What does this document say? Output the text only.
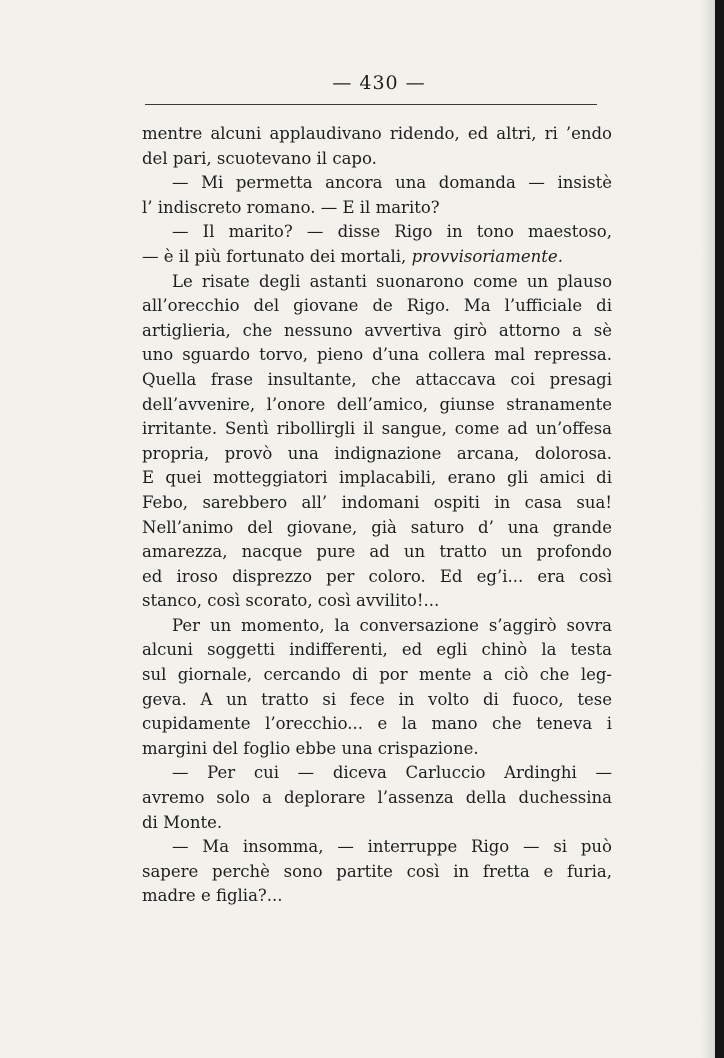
— 430 —
mentre alcuni applaudivano ridendo, ed altri, ri ’endo
del pari, scuotevano il capo.
— Mi permetta ancora una domanda — insistè
l’ indiscreto romano. — E il marito?
— Il marito? — disse Rigo in tono maestoso,
— è il più fortunato dei mortali, provvisoriamente.
Le risate degli astanti suonarono come un plauso
all’orecchio del giovane de Rigo. Ma l’ufficiale di
artiglieria, che nessuno avvertiva girò attorno a sè
uno sguardo torvo, pieno d’una collera mal repressa.
Quella frase insultante, che attaccava coi presagi
dell’avvenire, l’onore dell’amico, giunse stranamente
irritante. Sentì ribollirgli il sangue, come ad un’offesa
propria, provò una indignazione arcana, dolorosa.
E quei motteggiatori implacabili, erano gli amici di
Febo, sarebbero all’ indomani ospiti in casa sua!
Nell’animo del giovane, già saturo d’ una grande
amarezza, nacque pure ad un tratto un profondo
ed iroso disprezzo per coloro. Ed eg’i... era così
stanco, così scorato, così avvilito!...
Per un momento, la conversazione s’aggirò sovra
alcuni soggetti indifferenti, ed egli chinò la testa
sul giornale, cercando di por mente a ciò che leg-
geva. A un tratto si fece in volto di fuoco, tese
cupidamente l’orecchio... e la mano che teneva i
margini del foglio ebbe una crispazione.
— Per cui — diceva Carluccio Ardinghi —
avremo solo a deplorare l’assenza della duchessina
di Monte.
— Ma insomma, — interruppe Rigo — si può
sapere perchè sono partite così in fretta e furia,
madre e figlia?...
